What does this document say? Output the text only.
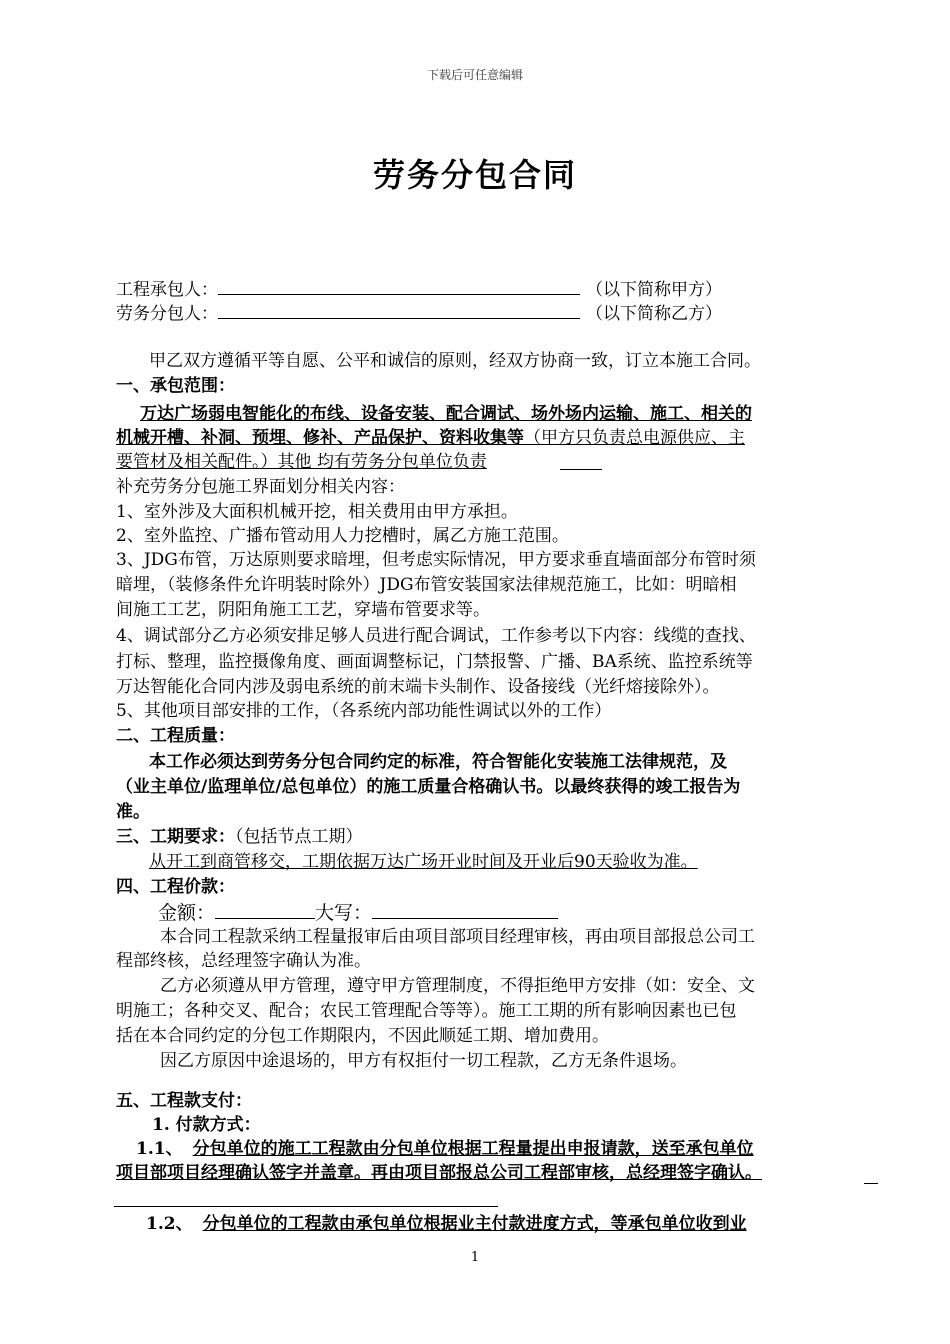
下载后可任意编辑
劳务分包合同
工程承包人：	（以下简称甲方）
劳务分包人：	（以下简称乙方）
甲乙双方遵循平等自愿、公平和诚信的原则，经双方协商一致，订立本施工合同。
一、承包范围：
万达广场弱电智能化的布线、设备安装、配合调试、场外场内运输、施工、相关的
机械开槽、补洞、预埋、修补、产品保护、资料收集等（甲方只负责总电源供应、主
要管材及相关配件。）其他 均有劳务分包单位负责
补充劳务分包施工界面划分相关内容：
1、室外涉及大面积机械开挖，相关费用由甲方承担。
2、室外监控、广播布管动用人力挖槽时，属乙方施工范围。
3、JDG布管，万达原则要求暗埋，但考虑实际情况，甲方要求垂直墙面部分布管时须
暗埋，（装修条件允许明装时除外）JDG布管安装国家法律规范施工，比如：明暗相
间施工工艺，阴阳角施工工艺，穿墙布管要求等。
4、调试部分乙方必须安排足够人员进行配合调试，工作参考以下内容：线缆的查找、
打标、整理，监控摄像角度、画面调整标记，门禁报警、广播、BA系统、监控系统等
万达智能化合同内涉及弱电系统的前末端卡头制作、设备接线（光纤熔接除外）。
5、其他项目部安排的工作，（各系统内部功能性调试以外的工作）
二、工程质量：
本工作必须达到劳务分包合同约定的标准，符合智能化安装施工法律规范，及
（业主单位/监理单位/总包单位）的施工质量合格确认书。以最终获得的竣工报告为
准。
三、工期要求：（包括节点工期）
从开工到商管移交，工期依据万达广场开业时间及开业后90天验收为准。
四、工程价款：
金额：	大写：
本合同工程款采纳工程量报审后由项目部项目经理审核，再由项目部报总公司工
程部终核，总经理签字确认为准。
乙方必须遵从甲方管理，遵守甲方管理制度，不得拒绝甲方安排（如：安全、文
明施工；各种交叉、配合；农民工管理配合等等）。施工工期的所有影响因素也已包
括在本合同约定的分包工作期限内，不因此顺延工期、增加费用。
因乙方原因中途退场的，甲方有权拒付一切工程款，乙方无条件退场。
五、工程款支付：
1. 付款方式：
1.1、 分包单位的施工工程款由分包单位根据工程量提出申报请款，送至承包单位
项目部项目经理确认签字并盖章。再由项目部报总公司工程部审核，总经理签字确认。
1.2、 分包单位的工程款由承包单位根据业主付款进度方式，等承包单位收到业
1
